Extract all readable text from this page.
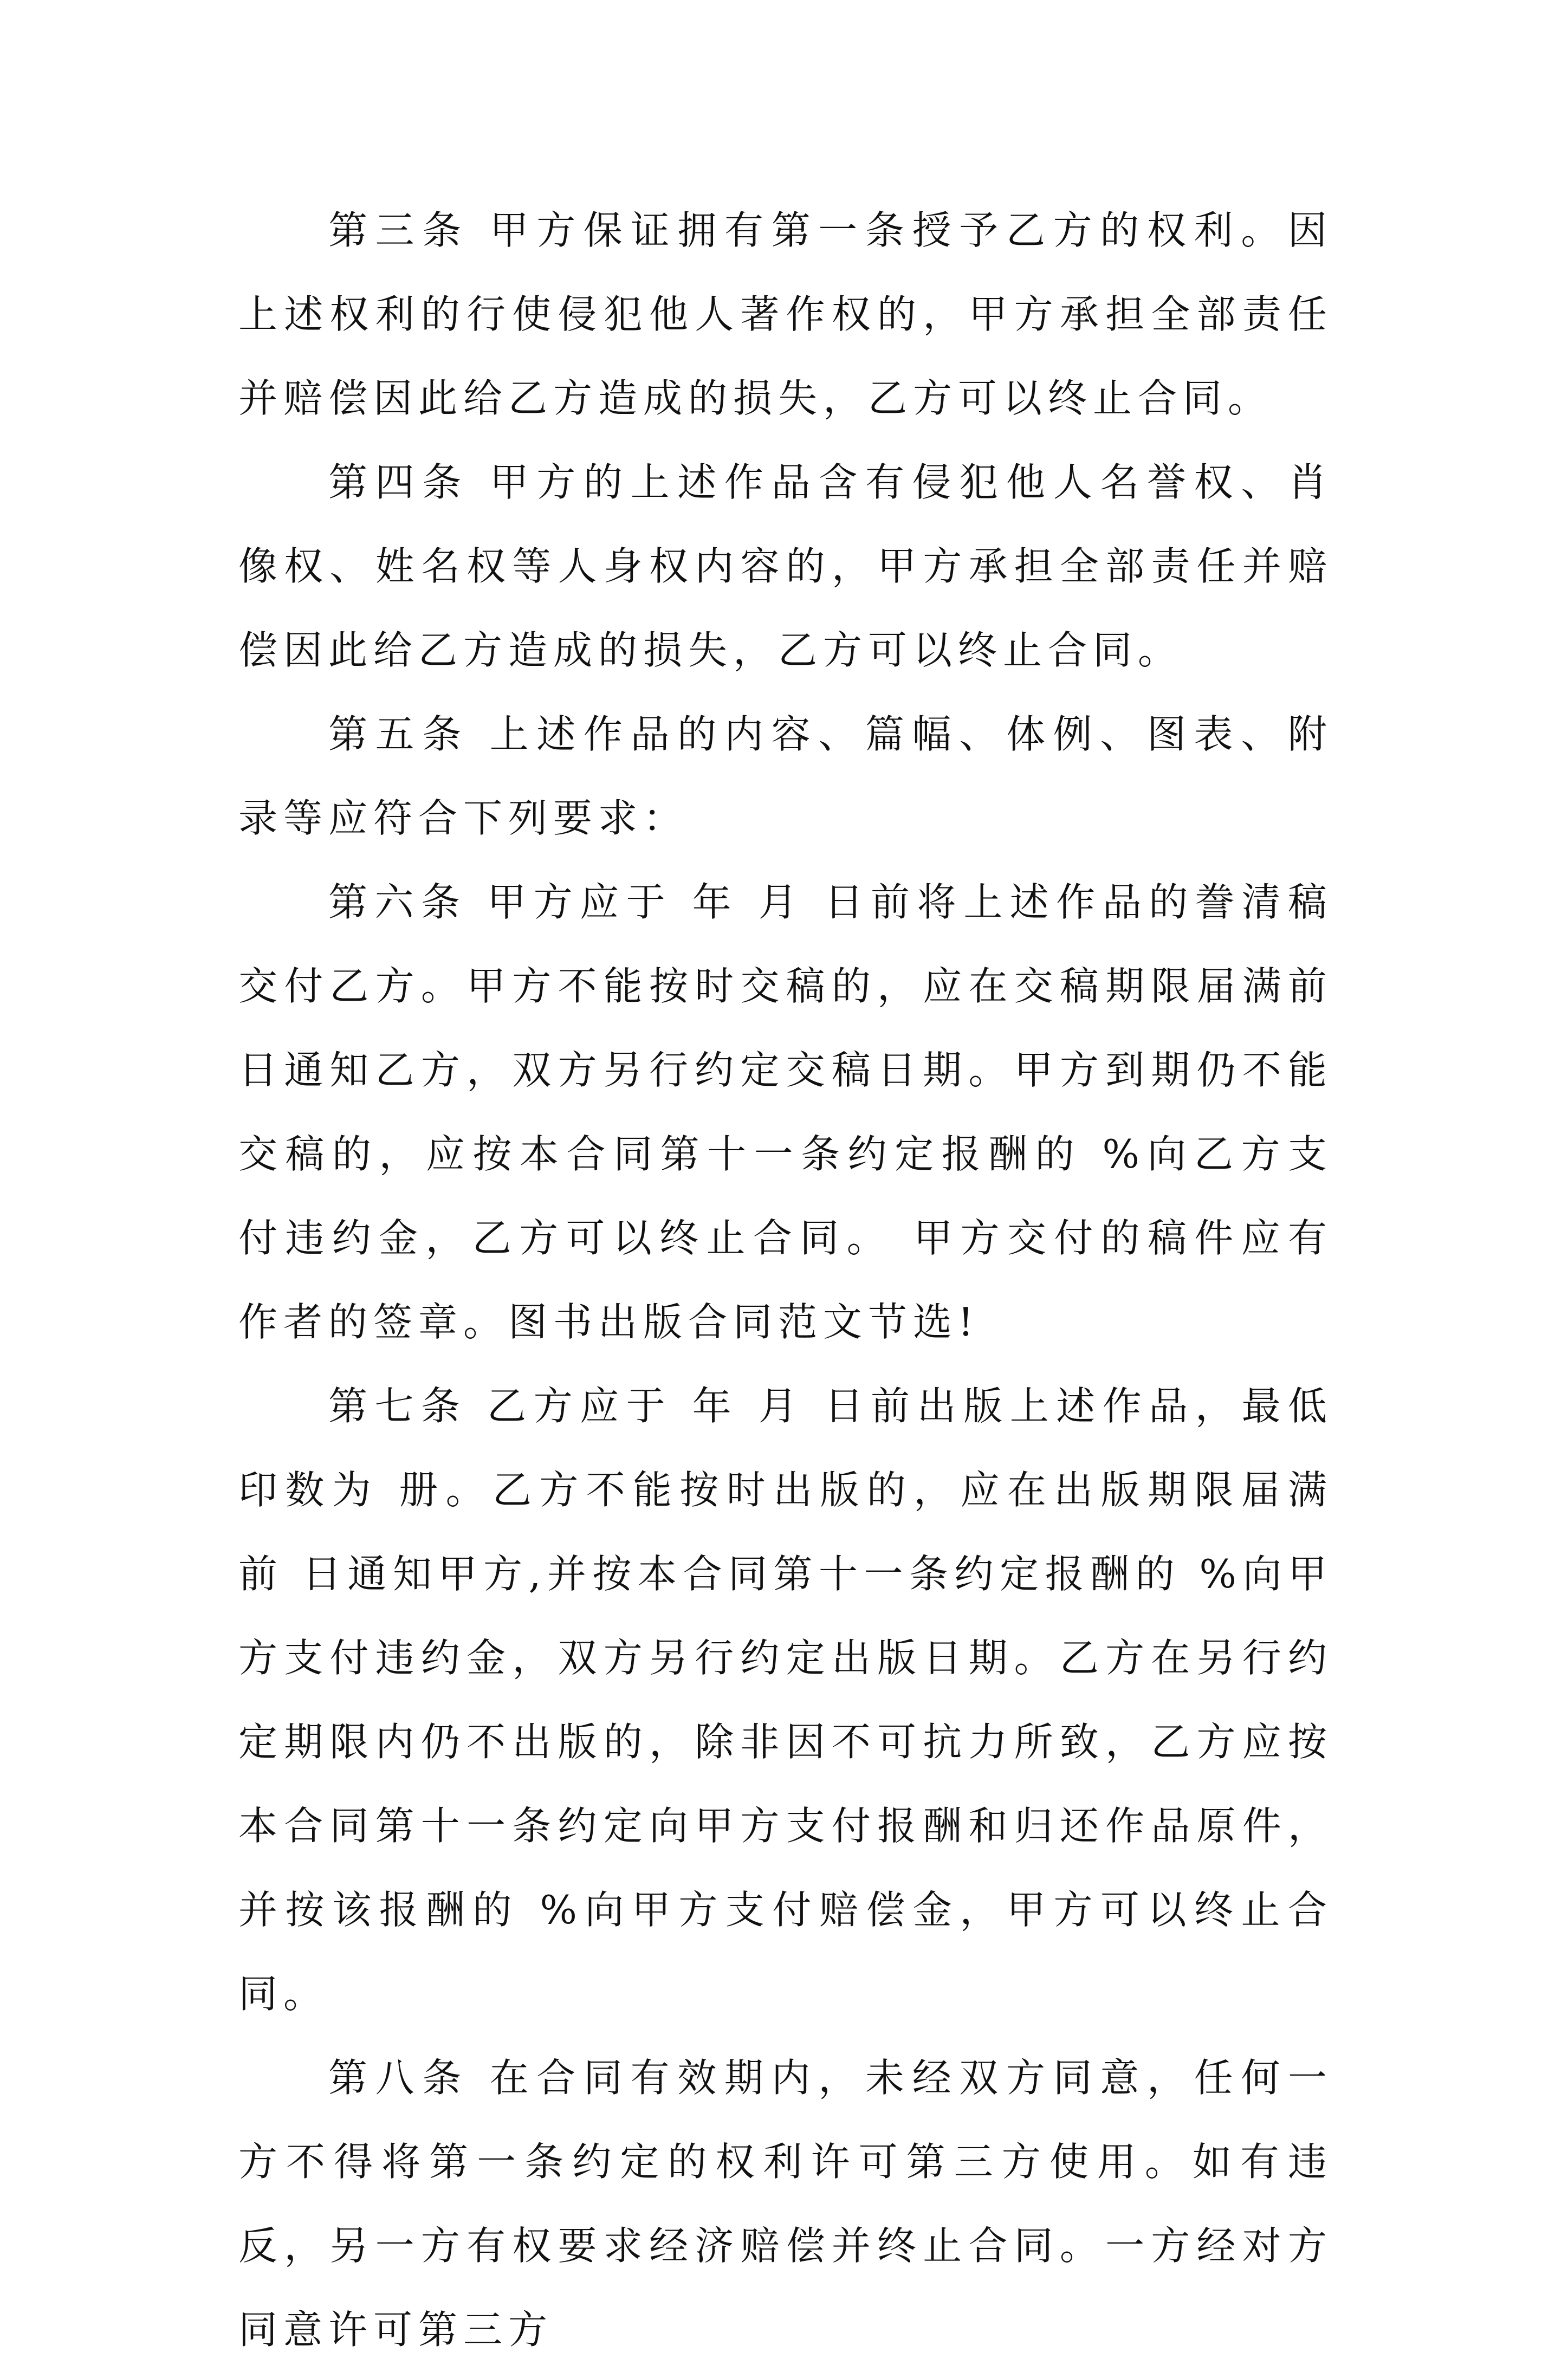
第三条 甲方保证拥有第一条授予乙方的权利。因上述权利的行使侵犯他人著作权的，甲方承担全部责任并赔偿因此给乙方造成的损失，乙方可以终止合同。

第四条 甲方的上述作品含有侵犯他人名誉权、肖像权、姓名权等人身权内容的，甲方承担全部责任并赔偿因此给乙方造成的损失，乙方可以终止合同。

第五条 上述作品的内容、篇幅、体例、图表、附录等应符合下列要求：

第六条 甲方应于 年 月 日前将上述作品的誊清稿交付乙方。甲方不能按时交稿的，应在交稿期限届满前 日通知乙方，双方另行约定交稿日期。甲方到期仍不能交稿的，应按本合同第十一条约定报酬的 %向乙方支付违约金，乙方可以终止合同。 甲方交付的稿件应有作者的签章。图书出版合同范文节选!

第七条 乙方应于 年 月 日前出版上述作品，最低印数为 册。乙方不能按时出版的，应在出版期限届满前 日通知甲方,并按本合同第十一条约定报酬的 %向甲方支付违约金，双方另行约定出版日期。乙方在另行约定期限内仍不出版的，除非因不可抗力所致，乙方应按本合同第十一条约定向甲方支付报酬和归还作品原件，并按该报酬的 %向甲方支付赔偿金，甲方可以终止合同。

第八条 在合同有效期内，未经双方同意，任何一方不得将第一条约定的权利许可第三方使用。如有违反，另一方有权要求经济赔偿并终止合同。一方经对方同意许可第三方
